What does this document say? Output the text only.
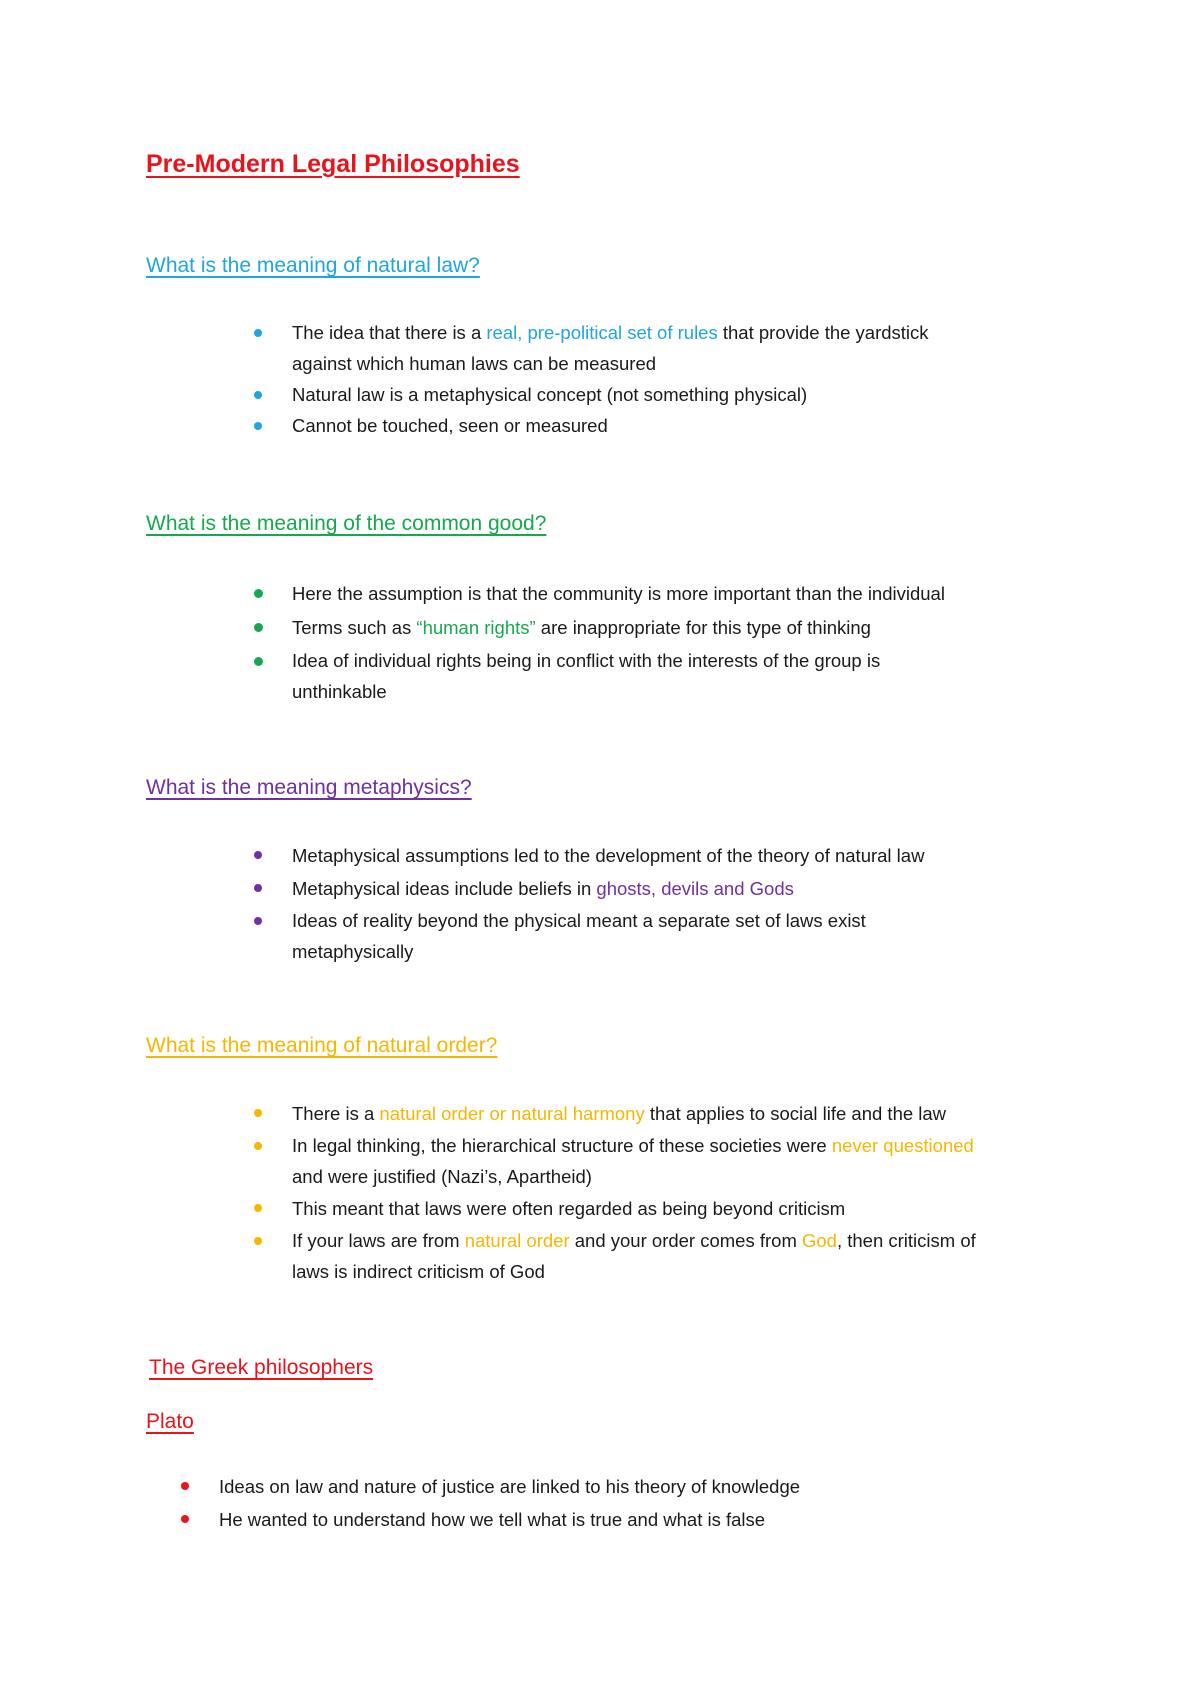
Pre-Modern Legal Philosophies
What is the meaning of natural law?
The idea that there is a real, pre-political set of rules that provide the yardstick
against which human laws can be measured
Natural law is a metaphysical concept (not something physical)
Cannot be touched, seen or measured
What is the meaning of the common good?
Here the assumption is that the community is more important than the individual
Terms such as “human rights” are inappropriate for this type of thinking
Idea of individual rights being in conflict with the interests of the group is
unthinkable
What is the meaning metaphysics?
Metaphysical assumptions led to the development of the theory of natural law
Metaphysical ideas include beliefs in ghosts, devils and Gods
Ideas of reality beyond the physical meant a separate set of laws exist
metaphysically
What is the meaning of natural order?
There is a natural order or natural harmony that applies to social life and the law
In legal thinking, the hierarchical structure of these societies were never questioned
and were justified (Nazi’s, Apartheid)
This meant that laws were often regarded as being beyond criticism
If your laws are from natural order and your order comes from God, then criticism of
laws is indirect criticism of God
The Greek philosophers
Plato
Ideas on law and nature of justice are linked to his theory of knowledge
He wanted to understand how we tell what is true and what is false
